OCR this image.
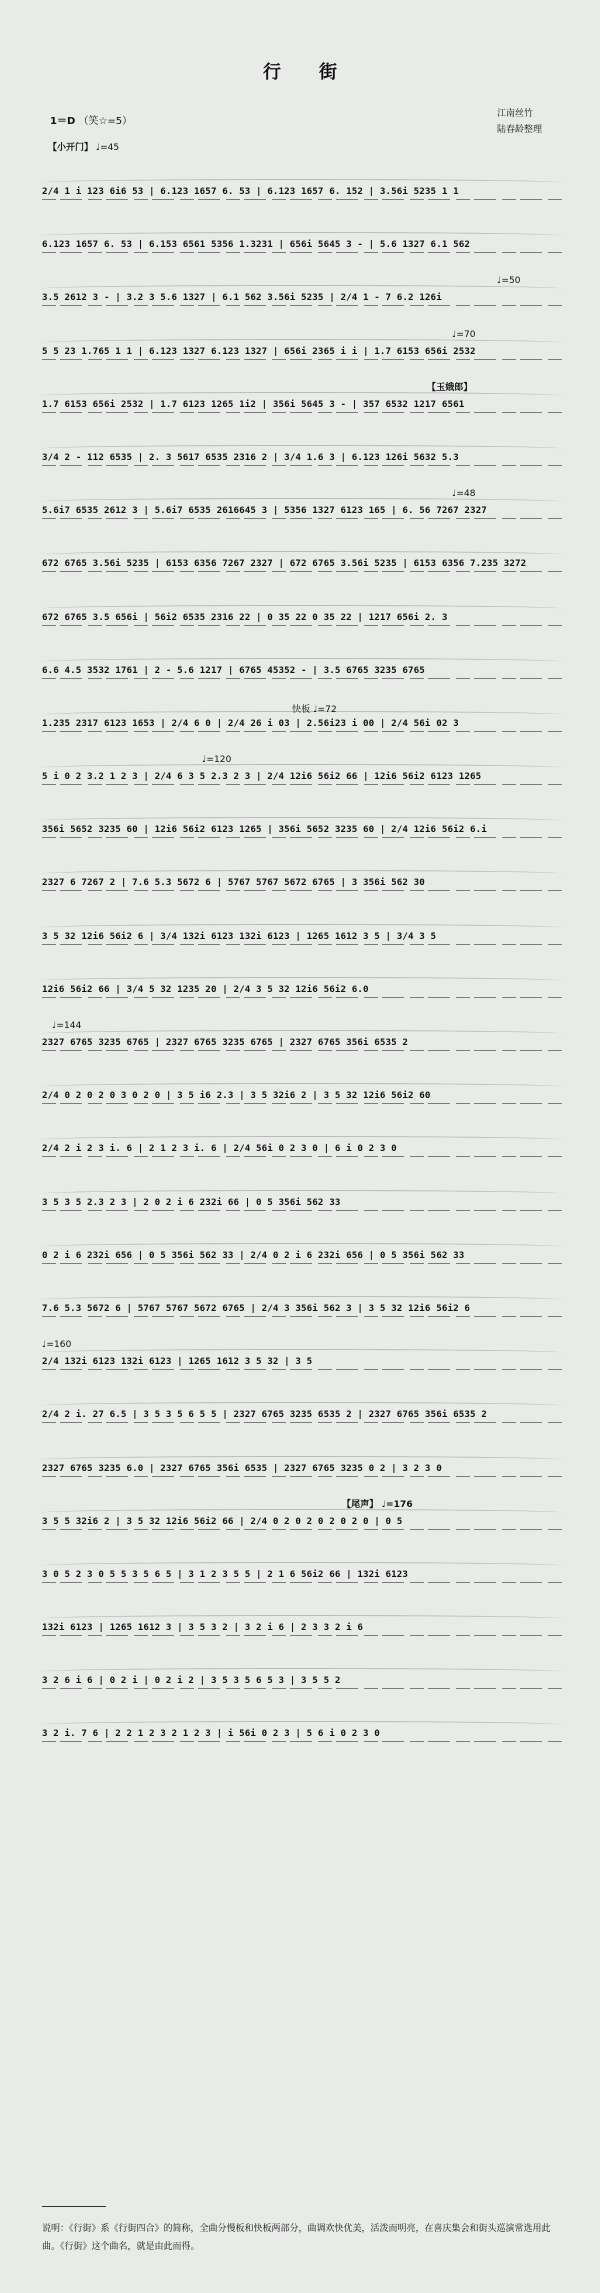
行街
1＝D （笑☆=5）
【小开门】 ♩=45
江南丝竹
陆春龄整理
2/4 1 i 123 6i6 53 | 6.123 1657 6. 53 | 6.123 1657 6. 152 | 3.56i 5235 1 1
6.123 1657 6. 53 | 6.153 6561 5356 1.3231 | 656i 5645 3 - | 5.6 1327 6.1 562
3.5 2612 3 - | 3.2 3 5.6 1327 | 6.1 562 3.56i 5235 | 2/4 1 - 7 6.2 126i
♩=50
5 5 23 1.765 1 1 | 6.123 1327 6.123 1327 | 656i 2365 i i | 1.7 6153 656i 2532
♩=70
1.7 6153 656i 2532 | 1.7 6123 1265 1i2 | 356i 5645 3 - | 357 6532 1217 6561
【玉娥郎】
3/4 2 - 112 6535 | 2. 3 5617 6535 2316 2 | 3/4 1.6 3 | 6.123 126i 5632 5.3
5.6i7 6535 2612 3 | 5.6i7 6535 2616645 3 | 5356 1327 6123 165 | 6. 56 7267 2327
♩=48
672 6765 3.56i 5235 | 6153 6356 7267 2327 | 672 6765 3.56i 5235 | 6153 6356 7.235 3272
672 6765 3.5 656i | 56i2 6535 2316 22 | 0 35 22 0 35 22 | 1217 656i 2. 3
6.6 4.5 3532 1761 | 2 - 5.6 1217 | 6765 45352 - | 3.5 6765 3235 6765
1.235 2317 6123 1653 | 2/4 6 0 | 2/4 26 i 03 | 2.56i23 i 00 | 2/4 56i 02 3
快板 ♩=72
5 i 0 2 3.2 1 2 3 | 2/4 6 3 5 2.3 2 3 | 2/4 12i6 56i2 66 | 12i6 56i2 6123 1265
♩=120
356i 5652 3235 60 | 12i6 56i2 6123 1265 | 356i 5652 3235 60 | 2/4 12i6 56i2 6.i
2327 6 7267 2 | 7.6 5.3 5672 6 | 5767 5767 5672 6765 | 3 356i 562 30
3 5 32 12i6 56i2 6 | 3/4 132i 6123 132i 6123 | 1265 1612 3 5 | 3/4 3 5
12i6 56i2 66 | 3/4 5 32 1235 20 | 2/4 3 5 32 12i6 56i2 6.0
2327 6765 3235 6765 | 2327 6765 3235 6765 | 2327 6765 356i 6535 2
♩=144
2/4 0 2 0 2 0 3 0 2 0 | 3 5 i6 2.3 | 3 5 32i6 2 | 3 5 32 12i6 56i2 60
2/4 2 i 2 3 i. 6 | 2 1 2 3 i. 6 | 2/4 56i 0 2 3 0 | 6 i 0 2 3 0
3 5 3 5 2.3 2 3 | 2 0 2 i 6 232i 66 | 0 5 356i 562 33
0 2 i 6 232i 656 | 0 5 356i 562 33 | 2/4 0 2 i 6 232i 656 | 0 5 356i 562 33
7.6 5.3 5672 6 | 5767 5767 5672 6765 | 2/4 3 356i 562 3 | 3 5 32 12i6 56i2 6
2/4 132i 6123 132i 6123 | 1265 1612 3 5 32 | 3 5
♩=160
2/4 2 i. 27 6.5 | 3 5 3 5 6 5 5 | 2327 6765 3235 6535 2 | 2327 6765 356i 6535 2
2327 6765 3235 6.0 | 2327 6765 356i 6535 | 2327 6765 3235 0 2 | 3 2 3 0
3 5 5 32i6 2 | 3 5 32 12i6 56i2 66 | 2/4 0 2 0 2 0 2 0 2 0 | 0 5
【尾声】 ♩=176
3 0 5 2 3 0 5 5 3 5 6 5 | 3 1 2 3 5 5 | 2 1 6 56i2 66 | 132i 6123
132i 6123 | 1265 1612 3 | 3 5 3 2 | 3 2 i 6 | 2 3 3 2 i 6
3 2 6 i 6 | 0 2 i | 0 2 i 2 | 3 5 3 5 6 5 3 | 3 5 5 2
3 2 i. 7 6 | 2 2 1 2 3 2 1 2 3 | i 56i 0 2 3 | 5 6 i 0 2 3 0
说明：《行街》系《行街四合》的简称，全曲分慢板和快板两部分，曲调欢快优美，活泼而明亮，在喜庆集会和街头巡演常选用此曲。《行街》这个曲名，就是由此而得。
